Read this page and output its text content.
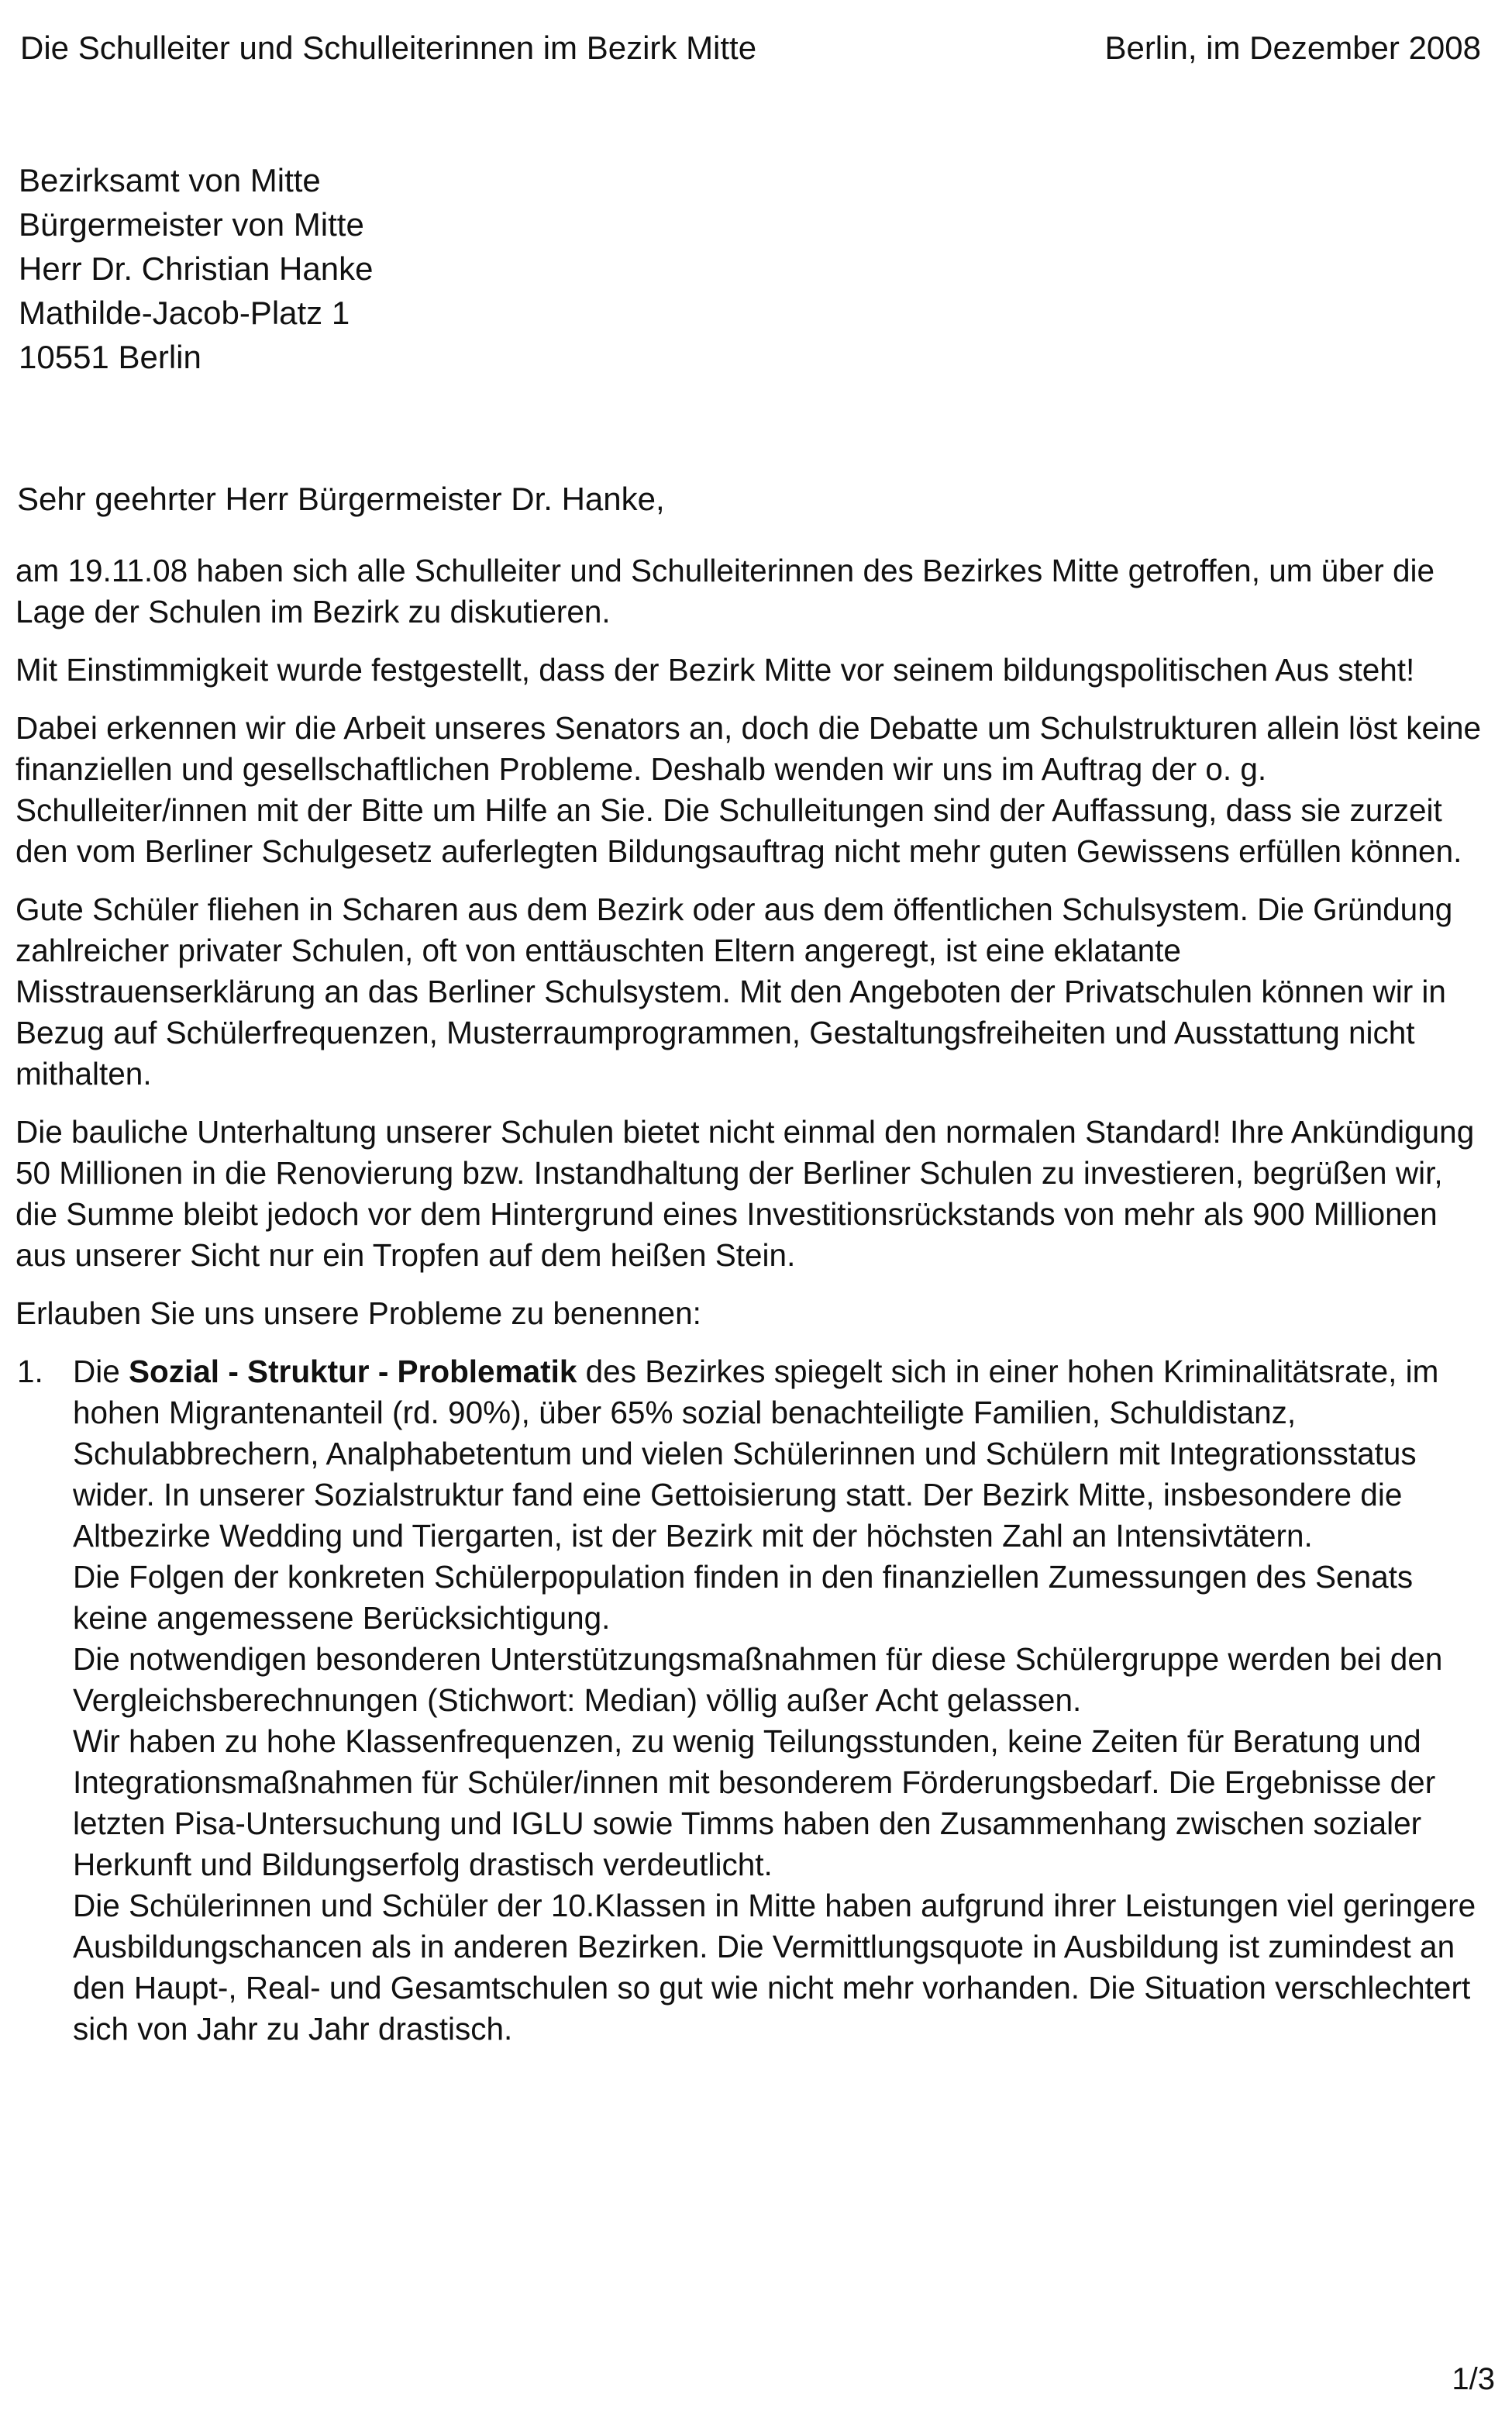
Die Schulleiter und Schulleiterinnen im Bezirk Mitte	Berlin, im Dezember 2008
Bezirksamt von Mitte
Bürgermeister von Mitte
Herr Dr. Christian Hanke
Mathilde-Jacob-Platz 1
10551 Berlin
Sehr geehrter Herr Bürgermeister Dr. Hanke,

am 19.11.08 haben sich alle Schulleiter und Schulleiterinnen des Bezirkes Mitte getroffen, um über die Lage der Schulen im Bezirk zu diskutieren.

Mit Einstimmigkeit wurde festgestellt, dass der Bezirk Mitte vor seinem bildungspolitischen Aus steht!

Dabei erkennen wir die Arbeit unseres Senators an, doch die Debatte um Schulstrukturen allein löst keine finanziellen und gesellschaftlichen Probleme. Deshalb wenden wir uns im Auftrag der o. g. Schulleiter/innen mit der Bitte um Hilfe an Sie. Die Schulleitungen sind der Auffassung, dass sie zurzeit den vom Berliner Schulgesetz auferlegten Bildungsauftrag nicht mehr guten Gewissens erfüllen können.

Gute Schüler fliehen in Scharen aus dem Bezirk oder aus dem öffentlichen Schulsystem. Die Gründung zahlreicher privater Schulen, oft von enttäuschten Eltern angeregt, ist eine eklatante Misstrauenserklärung an das Berliner Schulsystem. Mit den Angeboten der Privatschulen können wir in Bezug auf Schülerfrequenzen, Musterraumprogrammen, Gestaltungsfreiheiten und Ausstattung nicht mithalten.

Die bauliche Unterhaltung unserer Schulen bietet nicht einmal den normalen Standard! Ihre Ankündigung 50 Millionen in die Renovierung bzw. Instandhaltung der Berliner Schulen zu investieren, begrüßen wir, die Summe bleibt jedoch vor dem Hintergrund eines Investitionsrückstands von mehr als 900 Millionen aus unserer Sicht nur ein Tropfen auf dem heißen Stein.

Erlauben Sie uns unsere Probleme zu benennen:

1. Die Sozial - Struktur - Problematik des Bezirkes spiegelt sich in einer hohen Kriminalitätsrate, im hohen Migrantenanteil (rd. 90%), über 65% sozial benachteiligte Familien, Schuldistanz, Schulabbrechern, Analphabetentum und vielen Schülerinnen und Schülern mit Integrationsstatus wider. In unserer Sozialstruktur fand eine Gettoisierung statt. Der Bezirk Mitte, insbesondere die Altbezirke Wedding und Tiergarten, ist der Bezirk mit der höchsten Zahl an Intensivtätern.

Die Folgen der konkreten Schülerpopulation finden in den finanziellen Zumessungen des Senats keine angemessene Berücksichtigung.

Die notwendigen besonderen Unterstützungsmaßnahmen für diese Schülergruppe werden bei den Vergleichsberechnungen (Stichwort: Median) völlig außer Acht gelassen.

Wir haben zu hohe Klassenfrequenzen, zu wenig Teilungsstunden, keine Zeiten für Beratung und Integrationsmaßnahmen für Schüler/innen mit besonderem Förderungsbedarf. Die Ergebnisse der letzten Pisa-Untersuchung und IGLU sowie Timms haben den Zusammenhang zwischen sozialer Herkunft und Bildungserfolg drastisch verdeutlicht.

Die Schülerinnen und Schüler der 10.Klassen in Mitte haben aufgrund ihrer Leistungen viel geringere Ausbildungschancen als in anderen Bezirken. Die Vermittlungsquote in Ausbildung ist zumindest an den Haupt-, Real- und Gesamtschulen so gut wie nicht mehr vorhanden. Die Situation verschlechtert sich von Jahr zu Jahr drastisch.

1/3
